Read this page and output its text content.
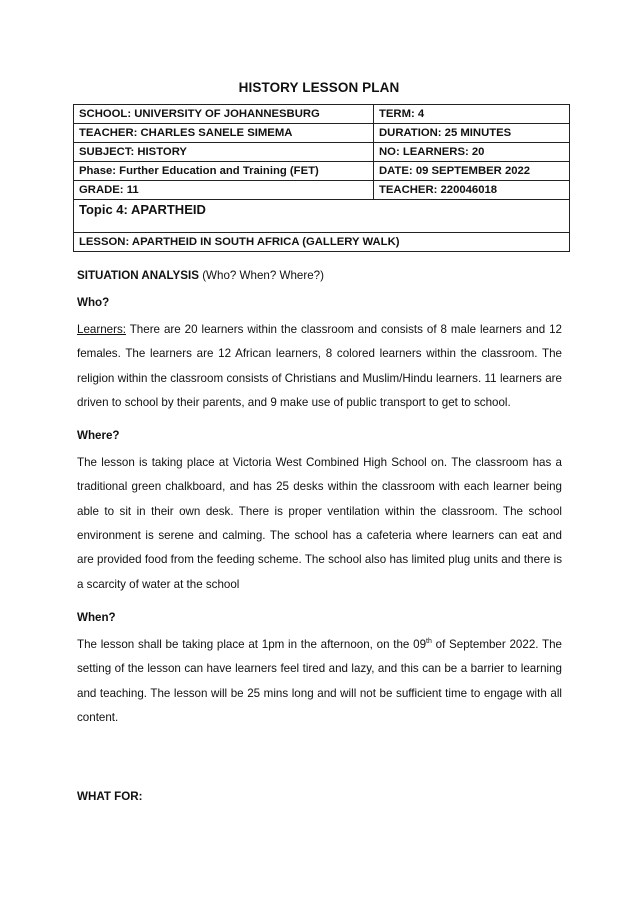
HISTORY LESSON PLAN
SCHOOL: UNIVERSITY OF JOHANNESBURG	TERM: 4
TEACHER: CHARLES SANELE SIMEMA	DURATION: 25 MINUTES
SUBJECT: HISTORY	NO: LEARNERS: 20
Phase: Further Education and Training (FET)	DATE: 09 SEPTEMBER 2022
GRADE: 11	TEACHER: 220046018
Topic 4: APARTHEID	
LESSON: APARTHEID IN SOUTH AFRICA (GALLERY WALK)	

SITUATION ANALYSIS (Who? When? Where?)

Who?

Learners: There are 20 learners within the classroom and consists of 8 male learners and 12 females. The learners are 12 African learners, 8 colored learners within the classroom. The religion within the classroom consists of Christians and Muslim/Hindu learners. 11 learners are driven to school by their parents, and 9 make use of public transport to get to school.

Where?

The lesson is taking place at Victoria West Combined High School on. The classroom has a traditional green chalkboard, and has 25 desks within the classroom with each learner being able to sit in their own desk. There is proper ventilation within the classroom. The school environment is serene and calming. The school has a cafeteria where learners can eat and are provided food from the feeding scheme. The school also has limited plug units and there is a scarcity of water at the school

When?

The lesson shall be taking place at 1pm in the afternoon, on the 09th of September 2022. The setting of the lesson can have learners feel tired and lazy, and this can be a barrier to learning and teaching. The lesson will be 25 mins long and will not be sufficient time to engage with all content.

WHAT FOR:
